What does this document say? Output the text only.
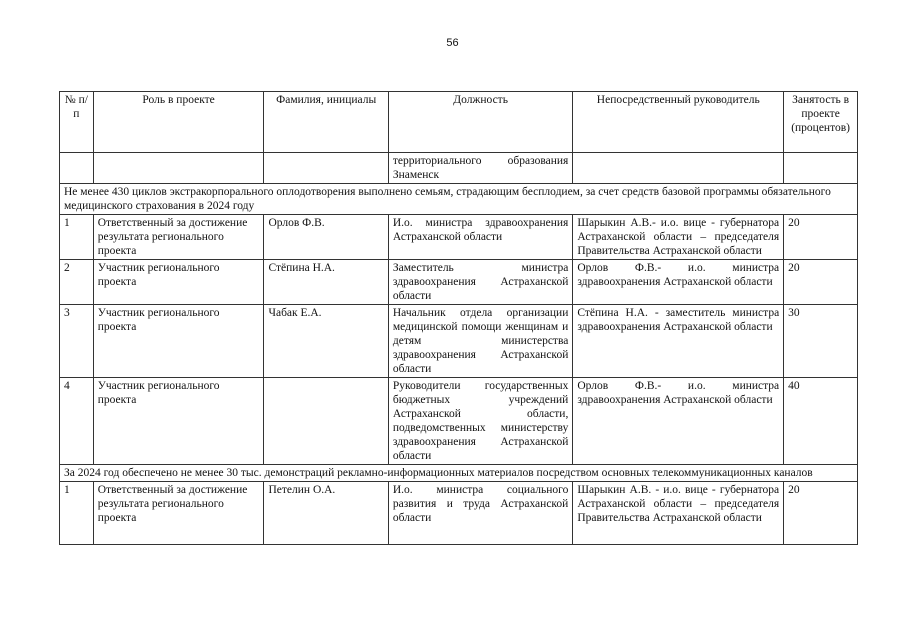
56
№ п/п	Роль в проекте	Фамилия, инициалы	Должность	Непосредственный руководитель	Занятость в проекте (процентов)
			территориального образования Знаменск		
Не менее 430 циклов экстракорпорального оплодотворения выполнено семьям, страдающим бесплодием, за счет средств базовой программы обязательного медицинского страхования в 2024 году					
1	Ответственный за достижение результата регионального проекта	Орлов Ф.В.	И.о. министра здравоохранения Астраханской области	Шарыкин А.В.- и.о. вице - губернатора Астраханской области – председателя Правительства Астраханской области	20
2	Участник регионального проекта	Стёпина Н.А.	Заместитель министра здравоохранения Астраханской области	Орлов Ф.В.- и.о. министра здравоохранения Астраханской области	20
3	Участник регионального проекта	Чабак Е.А.	Начальник отдела организации медицинской помощи женщинам и детям министерства здравоохранения Астраханской области	Стёпина Н.А. - заместитель министра здравоохранения Астраханской области	30
4	Участник регионального проекта		Руководители государственных бюджетных учреждений Астраханской области, подведомственных министерству здравоохранения Астраханской области	Орлов Ф.В.- и.о. министра здравоохранения Астраханской области	40
За 2024 год обеспечено не менее 30 тыс. демонстраций рекламно-информационных материалов посредством основных телекоммуникационных каналов					
1	Ответственный за достижение результата регионального проекта	Петелин О.А.	И.о. министра социального развития и труда Астраханской области	Шарыкин А.В. - и.о. вице - губернатора Астраханской области – председателя Правительства Астраханской области	20
